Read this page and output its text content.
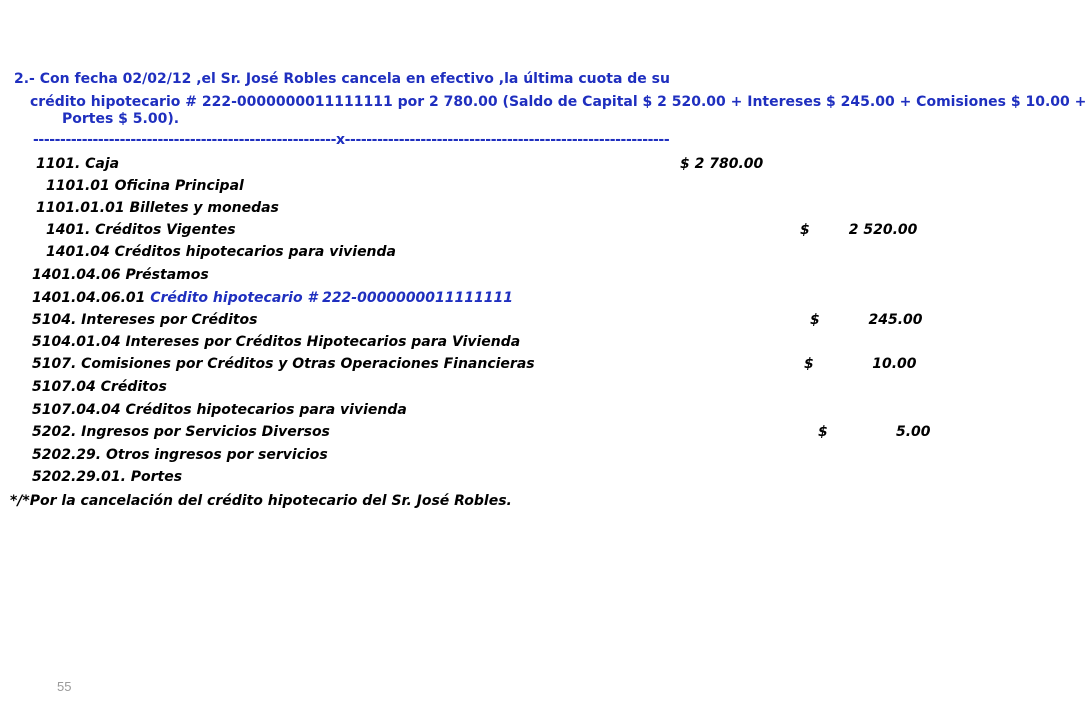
2.- Con fecha 02/02/12 ,el Sr. José Robles cancela en efectivo ,la última cuota de su
crédito hipotecario # 222-0000000011111111 por 2 780.00 (Saldo de Capital $ 2 520.00 + Intereses $ 245.00 + Comisiones $ 10.00 +
Portes $ 5.00).
--------------------------------------------------------x------------------------------------------------------------
1101. Caja	$ 2 780.00
1101.01 Oficina Principal
1101.01.01 Billetes y monedas
1401. Créditos Vigentes	$        2 520.00
1401.04 Créditos hipotecarios para vivienda
1401.04.06 Préstamos
1401.04.06.01 Crédito hipotecario # 222-0000000011111111
5104. Intereses por Créditos	$          245.00
5104.01.04 Intereses por Créditos Hipotecarios para Vivienda
5107. Comisiones por Créditos y Otras Operaciones Financieras	$            10.00
5107.04 Créditos
5107.04.04 Créditos hipotecarios para vivienda
5202. Ingresos por Servicios Diversos	$              5.00
5202.29. Otros ingresos por servicios
5202.29.01. Portes
*/*Por la cancelación del crédito hipotecario del Sr. José Robles.
55
